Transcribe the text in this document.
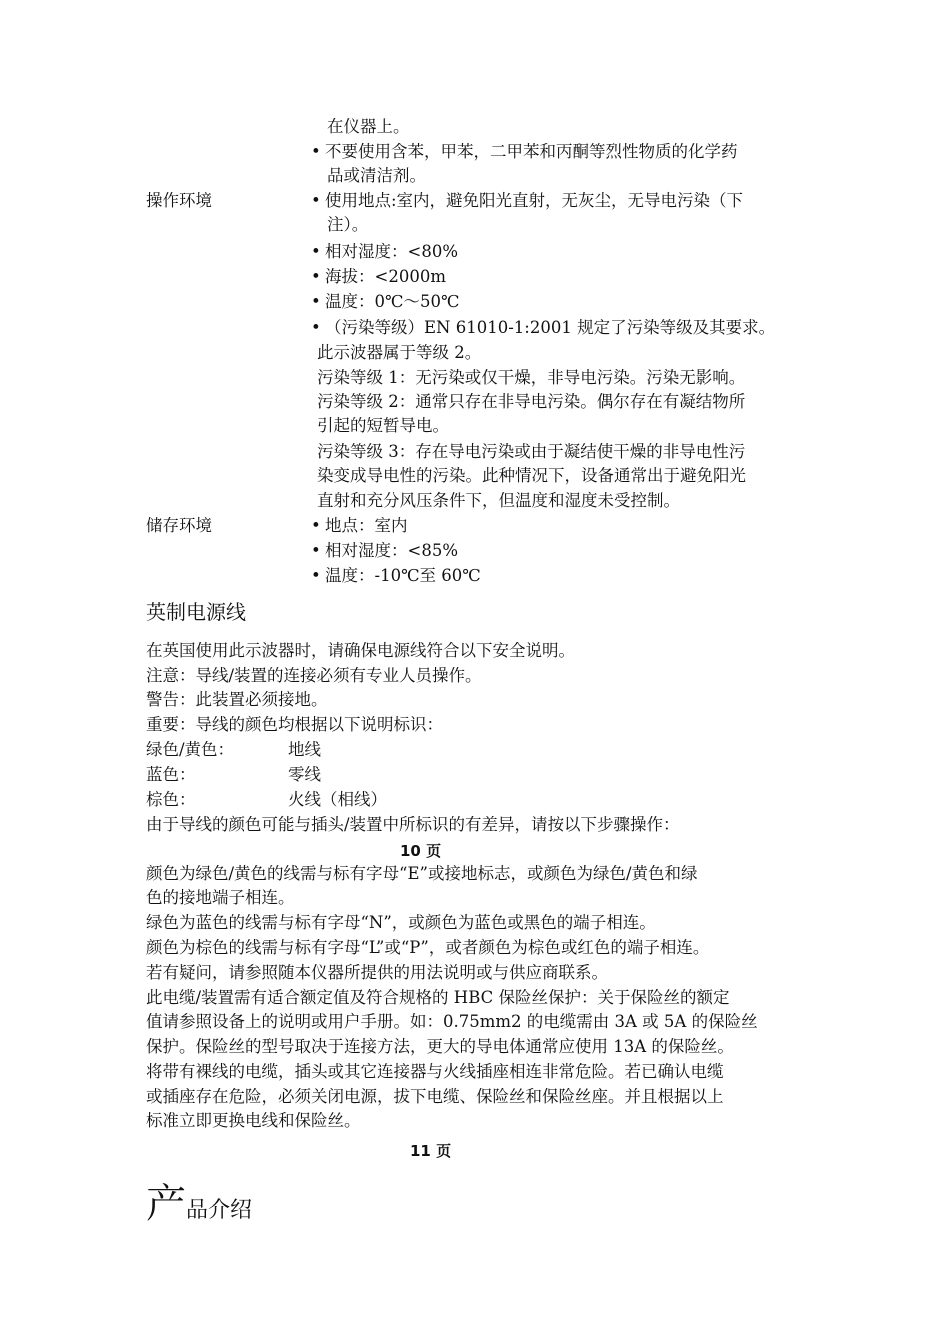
在仪器上。
• 不要使用含苯，甲苯，二甲苯和丙酮等烈性物质的化学药
品或清洁剂。
操作环境	• 使用地点:室内，避免阳光直射，无灰尘，无导电污染（下
注）。
• 相对湿度：<80%
• 海拔：<2000m
• 温度：0℃～50℃
• （污染等级）EN 61010-1:2001 规定了污染等级及其要求。
此示波器属于等级 2。
污染等级 1：无污染或仅干燥，非导电污染。污染无影响。
污染等级 2：通常只存在非导电污染。偶尔存在有凝结物所
引起的短暂导电。
污染等级 3：存在导电污染或由于凝结使干燥的非导电性污
染变成导电性的污染。此种情况下，设备通常出于避免阳光
直射和充分风压条件下，但温度和湿度未受控制。
储存环境	• 地点：室内
• 相对湿度：<85%
• 温度：-10℃至 60℃
英制电源线
在英国使用此示波器时，请确保电源线符合以下安全说明。
注意：导线/装置的连接必须有专业人员操作。
警告：此装置必须接地。
重要：导线的颜色均根据以下说明标识：
绿色/黄色：	地线
蓝色：	零线
棕色：	火线（相线）
由于导线的颜色可能与插头/装置中所标识的有差异，请按以下步骤操作：
10 页
颜色为绿色/黄色的线需与标有字母“E”或接地标志，或颜色为绿色/黄色和绿
色的接地端子相连。
绿色为蓝色的线需与标有字母“N”，或颜色为蓝色或黑色的端子相连。
颜色为棕色的线需与标有字母“L”或“P”，或者颜色为棕色或红色的端子相连。
若有疑问，请参照随本仪器所提供的用法说明或与供应商联系。
此电缆/装置需有适合额定值及符合规格的 HBC 保险丝保护：关于保险丝的额定
值请参照设备上的说明或用户手册。如：0.75mm2 的电缆需由 3A 或 5A 的保险丝
保护。保险丝的型号取决于连接方法，更大的导电体通常应使用 13A 的保险丝。
将带有裸线的电缆，插头或其它连接器与火线插座相连非常危险。若已确认电缆
或插座存在危险，必须关闭电源，拔下电缆、保险丝和保险丝座。并且根据以上
标准立即更换电线和保险丝。
11 页
产品介绍
